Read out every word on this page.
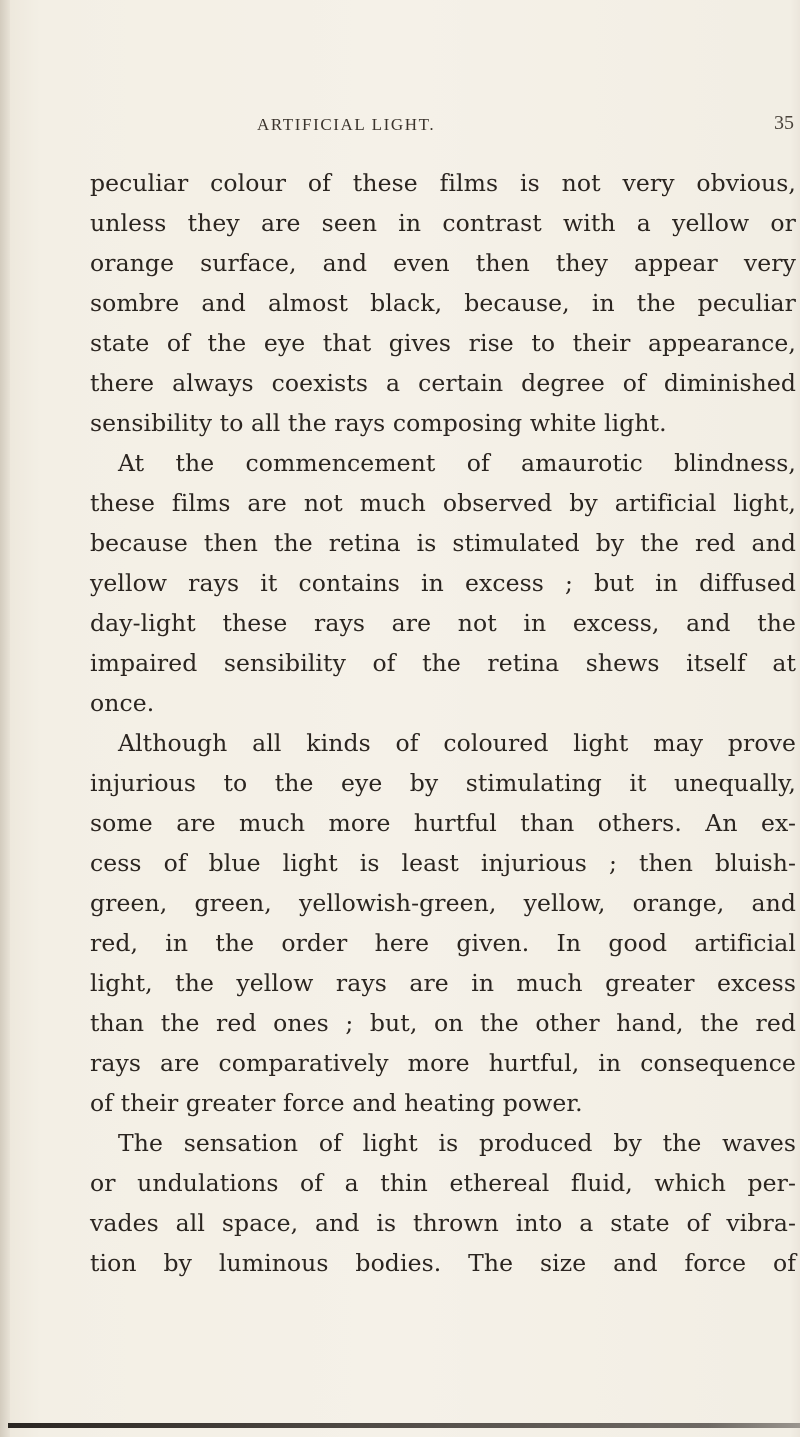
ARTIFICIAL LIGHT.	35
peculiar colour of these films is not very obvious,
unless they are seen in contrast with a yellow or
orange surface, and even then they appear very
sombre and almost black, because, in the peculiar
state of the eye that gives rise to their appearance,
there always coexists a certain degree of diminished
sensibility to all the rays composing white light.
At the commencement of amaurotic blindness,
these films are not much observed by artificial light,
because then the retina is stimulated by the red and
yellow rays it contains in excess ; but in diffused
day-light these rays are not in excess, and the
impaired sensibility of the retina shews itself at
once.
Although all kinds of coloured light may prove
injurious to the eye by stimulating it unequally,
some are much more hurtful than others. An ex-
cess of blue light is least injurious ; then bluish-
green, green, yellowish-green, yellow, orange, and
red, in the order here given. In good artificial
light, the yellow rays are in much greater excess
than the red ones ; but, on the other hand, the red
rays are comparatively more hurtful, in consequence
of their greater force and heating power.
The sensation of light is produced by the waves
or undulations of a thin ethereal fluid, which per-
vades all space, and is thrown into a state of vibra-
tion by luminous bodies. The size and force of
